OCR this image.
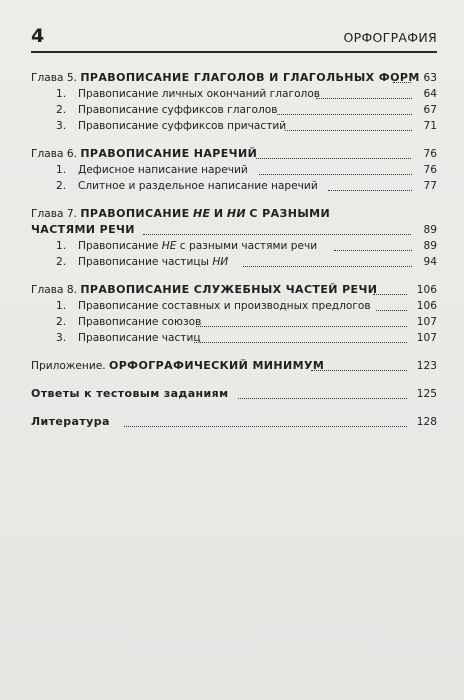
4	ОРФОГРАФИЯ
Глава 5. ПРАВОПИСАНИЕ ГЛАГОЛОВ И ГЛАГОЛЬНЫХ ФОРМ 63
1. Правописание личных окончаний глаголов	64
2. Правописание суффиксов глаголов	67
3. Правописание суффиксов причастий	71
Глава 6. ПРАВОПИСАНИЕ НАРЕЧИЙ	76
1. Дефисное написание наречий	76
2. Слитное и раздельное написание наречий	77
Глава 7. ПРАВОПИСАНИЕ НЕ И НИ С РАЗНЫМИ
ЧАСТЯМИ РЕЧИ	89
1. Правописание НЕ с разными частями речи	89
2. Правописание частицы НИ	94
Глава 8. ПРАВОПИСАНИЕ СЛУЖЕБНЫХ ЧАСТЕЙ РЕЧИ	106
1. Правописание составных и производных предлогов	106
2. Правописание союзов	107
3. Правописание частиц	107
Приложение. ОРФОГРАФИЧЕСКИЙ МИНИМУМ	123
Ответы к тестовым заданиям	125
Литература	128
